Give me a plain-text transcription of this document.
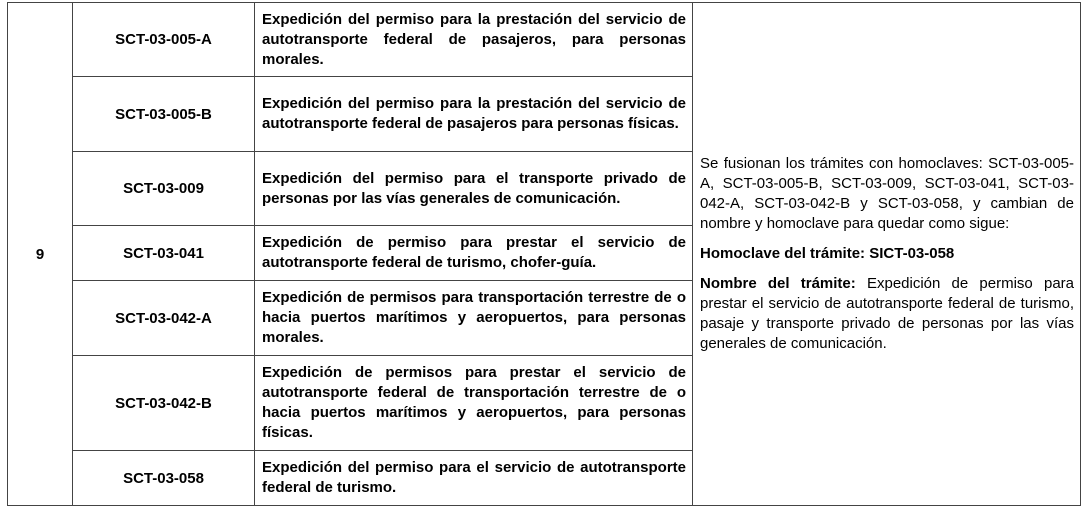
9	SCT-03-005-A	Expedición del permiso para la prestación del servicio de autotransporte federal de pasajeros, para personas morales.	Se fusionan los trámites con homoclaves: SCT-03-005-A, SCT-03-005-B, SCT-03-009, SCT-03-041, SCT-03-042-A, SCT-03-042-B y SCT-03-058, y cambian de nombre y homoclave para quedar como sigue:

Homoclave del trámite: SICT-03-058

Nombre del trámite: Expedición de permiso para prestar el servicio de autotransporte federal de turismo, pasaje y transporte privado de personas por las vías generales de comunicación.

	SCT-03-005-B	Expedición del permiso para la prestación del servicio de autotransporte federal de pasajeros para personas físicas.	

	SCT-03-009	Expedición del permiso para el transporte privado de personas por las vías generales de comunicación.	

	SCT-03-041	Expedición de permiso para prestar el servicio de autotransporte federal de turismo, chofer-guía.	

	SCT-03-042-A	Expedición de permisos para transportación terrestre de o hacia puertos marítimos y aeropuertos, para personas morales.	

	SCT-03-042-B	Expedición de permisos para prestar el servicio de autotransporte federal de transportación terrestre de o hacia puertos marítimos y aeropuertos, para personas físicas.	

	SCT-03-058	Expedición del permiso para el servicio de autotransporte federal de turismo.	
